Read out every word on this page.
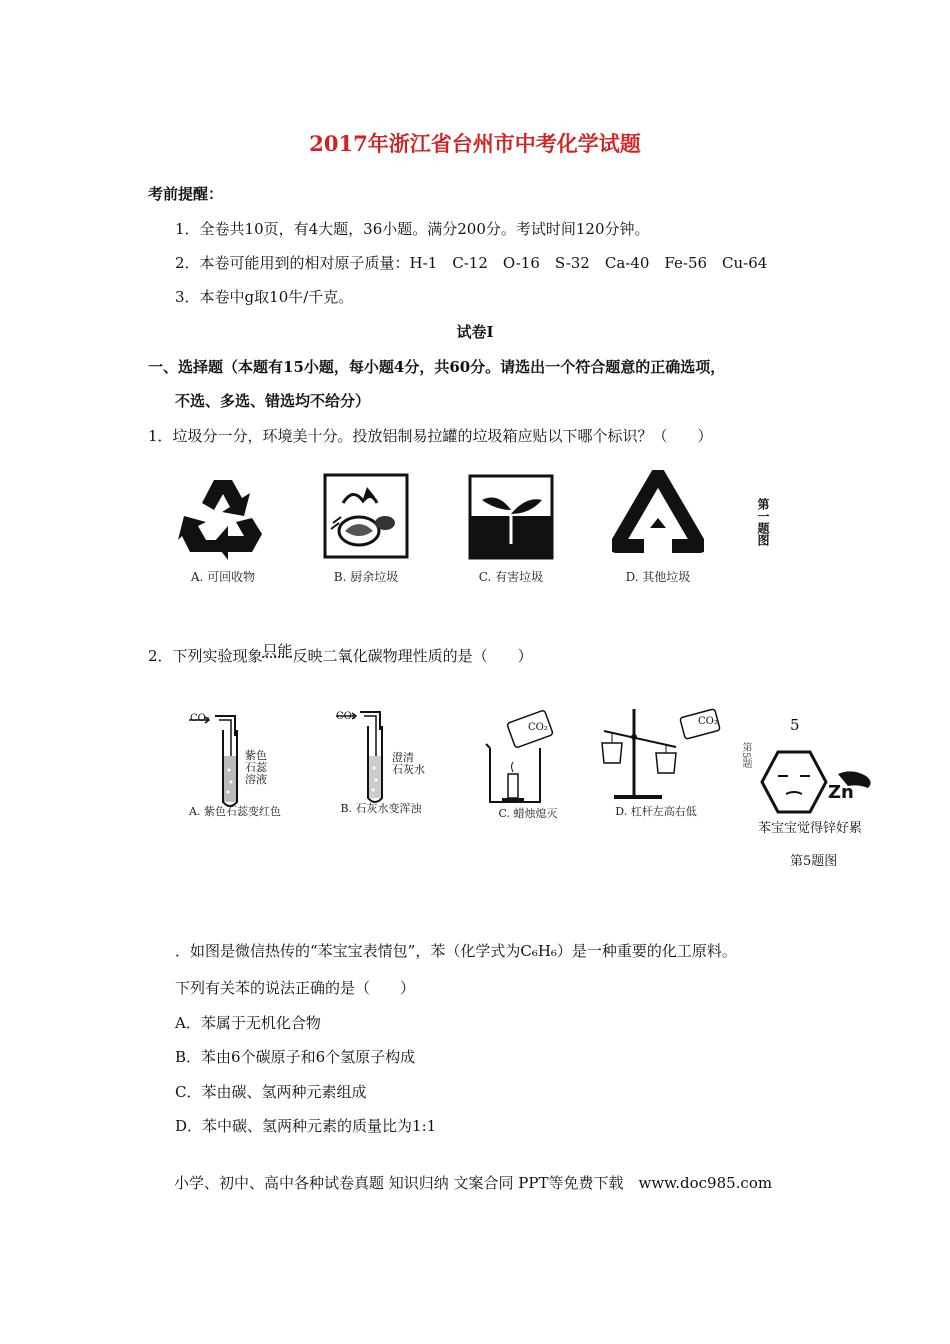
2017年浙江省台州市中考化学试题
考前提醒：
1．全卷共10页，有4大题，36小题。满分200分。考试时间120分钟。
2．本卷可能用到的相对原子质量：H-1　C-12　O-16　S-32　Ca-40　Fe-56　Cu-64
3．本卷中g取10牛/千克。
试卷Ⅰ
一、选择题（本题有15小题，每小题4分，共60分。请选出一个符合题意的正确选项，
不选、多选、错选均不给分）
1．垃圾分一分，环境美十分。投放铝制易拉罐的垃圾箱应贴以下哪个标识？（　　）
A. 可回收物	B. 厨余垃圾	C. 有害垃圾	D. 其他垃圾
第一题图
2．下列实验现象只能反映二氧化碳物理性质的是（　　）
CO₂
紫色
石蕊
溶液
A. 紫色石蕊变红色
CO₂
澄清
石灰水
B. 石灰水变浑浊
CO₂
C. 蜡烛熄灭
CO₂
D. 杠杆左高右低
5
第5题
Zn
苯宝宝觉得锌好累
第5题图
．如图是微信热传的“苯宝宝表情包”，苯（化学式为C₆H₆）是一种重要的化工原料。
下列有关苯的说法正确的是（　　）
A．苯属于无机化合物
B．苯由6个碳原子和6个氢原子构成
C．苯由碳、氢两种元素组成
D．苯中碳、氢两种元素的质量比为1:1
小学、初中、高中各种试卷真题 知识归纳 文案合同 PPT等免费下载　www.doc985.com
